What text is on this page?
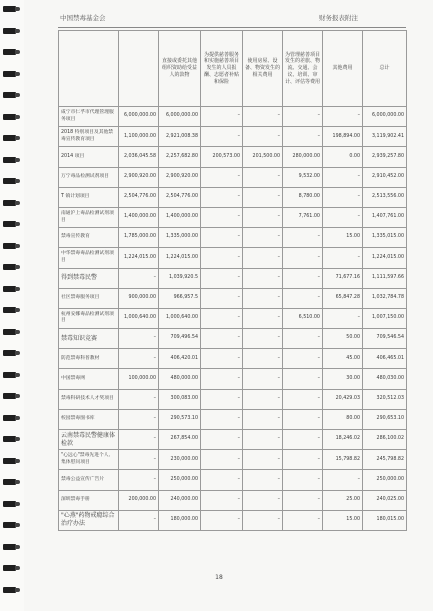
中国禁毒基金会	财务报表附注
		直接或委托其他组织资助给受益人的款物	为提供慈善服务和实施慈善项目发生的人员报酬、志愿者补贴和保险	使用房屋、设备、物资发生的相关费用	为管理慈善项目发生的差旅、物流、交通、会议、培训、审计、评估等费用	其他费用	总计
咸宁市仁孚市代理管理服务项目	6,000,000.00	6,000,000.00	–	–	–	–	6,000,000.00
2018 特别项目及其他禁毒宣传教育项目	1,100,000.00	2,921,008.38	–	–	–	198,894.00	3,119,902.41
2014 项目	2,036,045.58	2,257,682.80	200,573.00	201,500.00	280,000.00	0.00	2,939,257.80
万宁毒品检测试剂项目	2,900,920.00	2,900,920.00	–	–	9,532.00	–	2,910,452.00
T 镇计划项目	2,504,776.00	2,504,776.00	–	–	8,780.00	–	2,513,556.00
南通沪上毒品检测试剂项目	1,400,000.00	1,400,000.00	–	–	7,761.00	–	1,407,761.00
禁毒宣传教育	1,785,000.00	1,335,000.00	–	–	–	15.00	1,335,015.00
中华禁毒毒品检测试剂项目	1,224,015.00	1,224,015.00	–	–	–	–	1,224,015.00
得到禁毒民警	–	1,039,920.5	–	–	–	71,677.16	1,111,597.66
社区禁毒服务项目	900,000.00	966,957.5	–	–	–	65,847.28	1,032,784.78
杭州安娜毒品检测试剂项目	1,000,640.00	1,000,640.00	–	–	6,510.00	–	1,007,150.00
禁毒知识竞赛	–	709,496.54	–	–	–	50.00	709,546.54
防范禁毒科普教材	–	406,420.01	–	–	–	45.00	406,465.01
中国禁毒网	100,000.00	480,000.00	–	–	–	30.00	480,030.00
禁毒科研技术人才奖项目	–	300,083.00	–	–	–	20,429.03	320,512.03
校园禁毒图书库	–	290,573.10	–	–	–	80.00	290,653.10
云南禁毒民警健康体检款	–	267,854.00	–	–	–	18,246.02	286,100.02
"心远心"禁毒先进个人、集体慰问项目	–	230,000.00	–	–	–	15,798.82	245,798.82
禁毒公益宣传广告片	–	250,000.00	–	–	–	–	250,000.00
深圳禁毒手册	200,000.00	240,000.00	–	–	–	25.00	240,025.00
"心燕"药物戒瘾综合治疗办法	–	180,000.00	–	–	–	15.00	180,015.00
18
